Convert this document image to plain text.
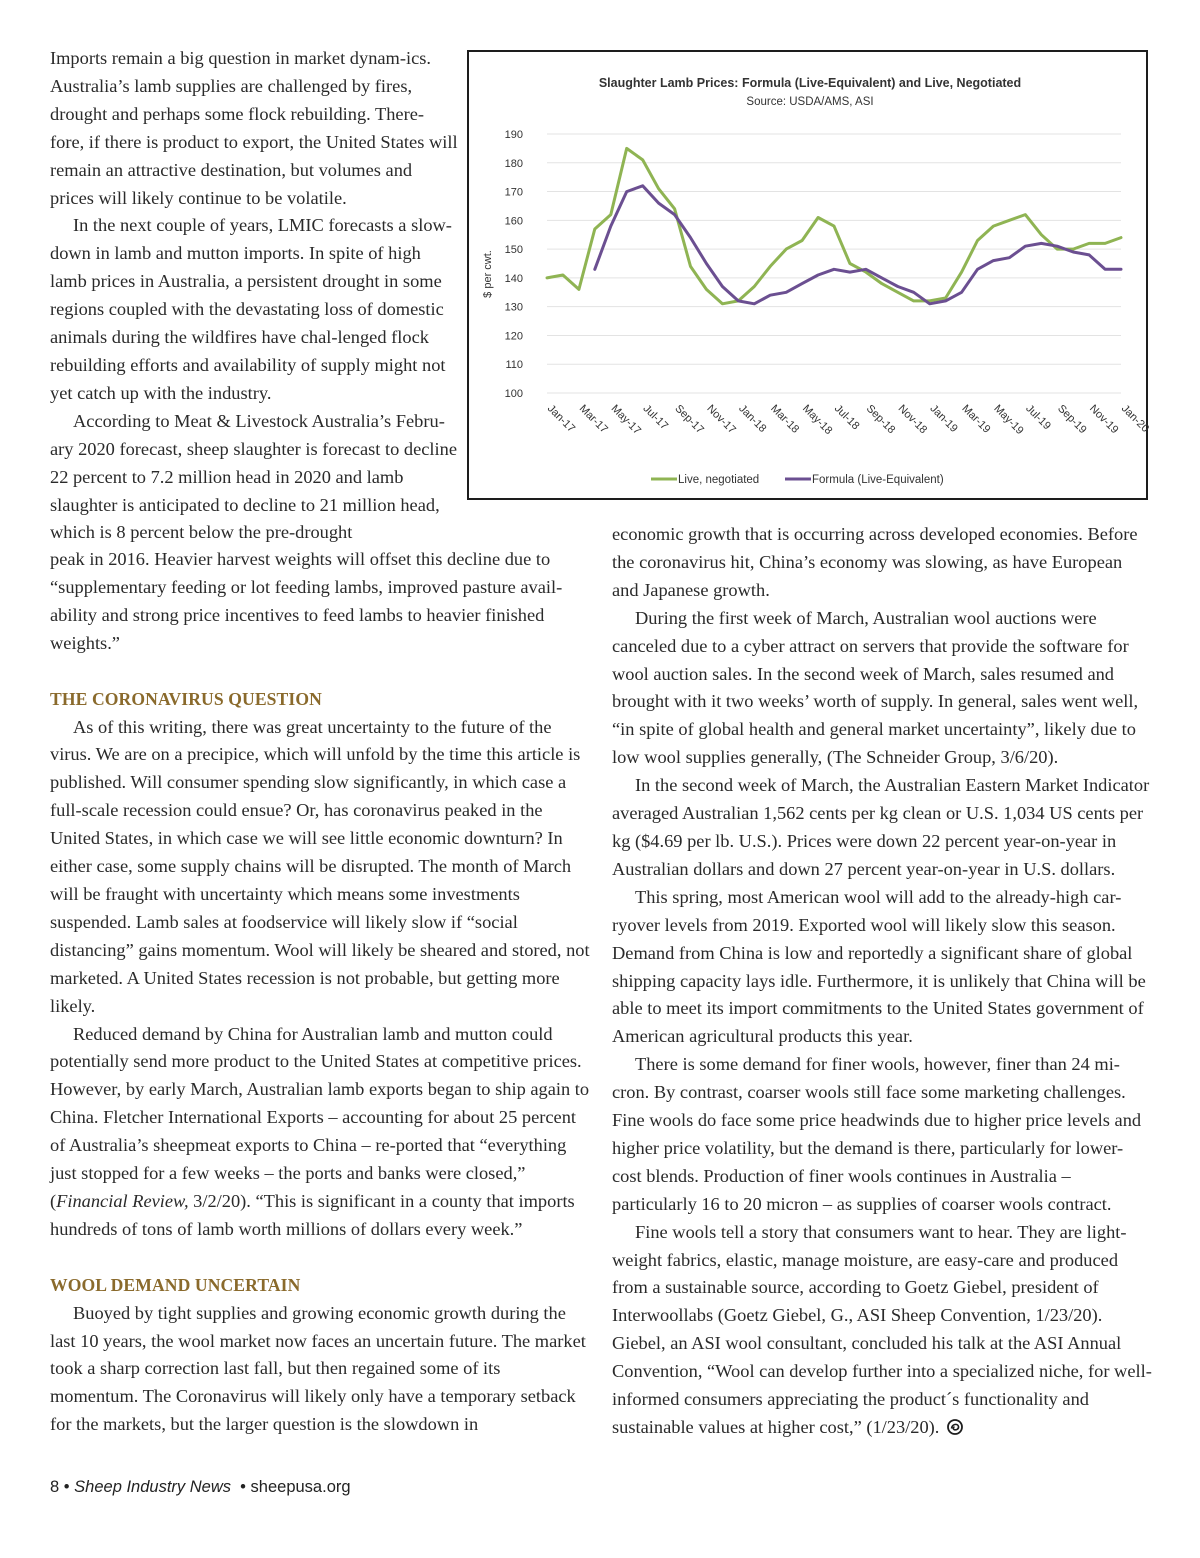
Imports remain a big question in market dynam-ics. Australia’s lamb supplies are challenged by fires, drought and perhaps some flock rebuilding. There-fore, if there is product to export, the United States will remain an attractive destination, but volumes and prices will likely continue to be volatile.

In the next couple of years, LMIC forecasts a slow-down in lamb and mutton imports. In spite of high lamb prices in Australia, a persistent drought in some regions coupled with the devastating loss of domestic animals during the wildfires have chal-lenged flock rebuilding efforts and availability of supply might not yet catch up with the industry.

According to Meat & Livestock Australia’s Febru-ary 2020 forecast, sheep slaughter is forecast to decline 22 percent to 7.2 million head in 2020 and lamb slaughter is anticipated to decline to 21 million head, which is 8 percent below the pre-drought

Slaughter Lamb Prices: Formula (Live-Equivalent) and Live, Negotiated
Source: USDA/AMS, ASI
$ per cwt.
100
110
120
130
140
150
160
170
180
190
Jan-17 Mar-17
May-17
Jul-17 Sep-17
Nov-17
Jan-18 Mar-18
May-18
Jul-18 Sep-18
Nov-18
Jan-19 Mar-19
May-19
Jul-19 Sep-19
Nov-19
Jan-20
Live, negotiated	Formula (Live-Equivalent)

peak in 2016. Heavier harvest weights will offset this decline due to “supplementary feeding or lot feeding lambs, improved pasture avail-ability and strong price incentives to feed lambs to heavier finished weights.”

THE CORONAVIRUS QUESTION

As of this writing, there was great uncertainty to the future of the virus. We are on a precipice, which will unfold by the time this article is published. Will consumer spending slow significantly, in which case a full-scale recession could ensue? Or, has coronavirus peaked in the United States, in which case we will see little economic downturn? In either case, some supply chains will be disrupted. The month of March will be fraught with uncertainty which means some investments suspended. Lamb sales at foodservice will likely slow if “social distancing” gains momentum. Wool will likely be sheared and stored, not marketed. A United States recession is not probable, but getting more likely.

Reduced demand by China for Australian lamb and mutton could potentially send more product to the United States at competitive prices. However, by early March, Australian lamb exports began to ship again to China. Fletcher International Exports – accounting for about 25 percent of Australia’s sheepmeat exports to China – re-ported that “everything just stopped for a few weeks – the ports and banks were closed,” (Financial Review, 3/2/20). “This is significant in a county that imports hundreds of tons of lamb worth millions of dollars every week.”

WOOL DEMAND UNCERTAIN

Buoyed by tight supplies and growing economic growth during the last 10 years, the wool market now faces an uncertain future. The market took a sharp correction last fall, but then regained some of its momentum. The Coronavirus will likely only have a temporary setback for the markets, but the larger question is the slowdown in

economic growth that is occurring across developed economies. Before the coronavirus hit, China’s economy was slowing, as have European and Japanese growth.

During the first week of March, Australian wool auctions were canceled due to a cyber attract on servers that provide the software for wool auction sales. In the second week of March, sales resumed and brought with it two weeks’ worth of supply. In general, sales went well, “in spite of global health and general market uncertainty”, likely due to low wool supplies generally, (The Schneider Group, 3/6/20).

In the second week of March, the Australian Eastern Market Indicator averaged Australian 1,562 cents per kg clean or U.S. 1,034 US cents per kg ($4.69 per lb. U.S.). Prices were down 22 percent year-on-year in Australian dollars and down 27 percent year-on-year in U.S. dollars.

This spring, most American wool will add to the already-high car-ryover levels from 2019. Exported wool will likely slow this season. Demand from China is low and reportedly a significant share of global shipping capacity lays idle. Furthermore, it is unlikely that China will be able to meet its import commitments to the United States government of American agricultural products this year.

There is some demand for finer wools, however, finer than 24 mi-cron. By contrast, coarser wools still face some marketing challenges. Fine wools do face some price headwinds due to higher price levels and higher price volatility, but the demand is there, particularly for lower-cost blends. Production of finer wools continues in Australia – particularly 16 to 20 micron – as supplies of coarser wools contract.

Fine wools tell a story that consumers want to hear. They are light-weight fabrics, elastic, manage moisture, are easy-care and produced from a sustainable source, according to Goetz Giebel, president of Interwoollabs (Goetz Giebel, G., ASI Sheep Convention, 1/23/20). Giebel, an ASI wool consultant, concluded his talk at the ASI Annual Convention, “Wool can develop further into a specialized niche, for well-informed consumers appreciating the product´s functionality and sustainable values at higher cost,” (1/23/20).

8 • Sheep Industry News • sheepusa.org
